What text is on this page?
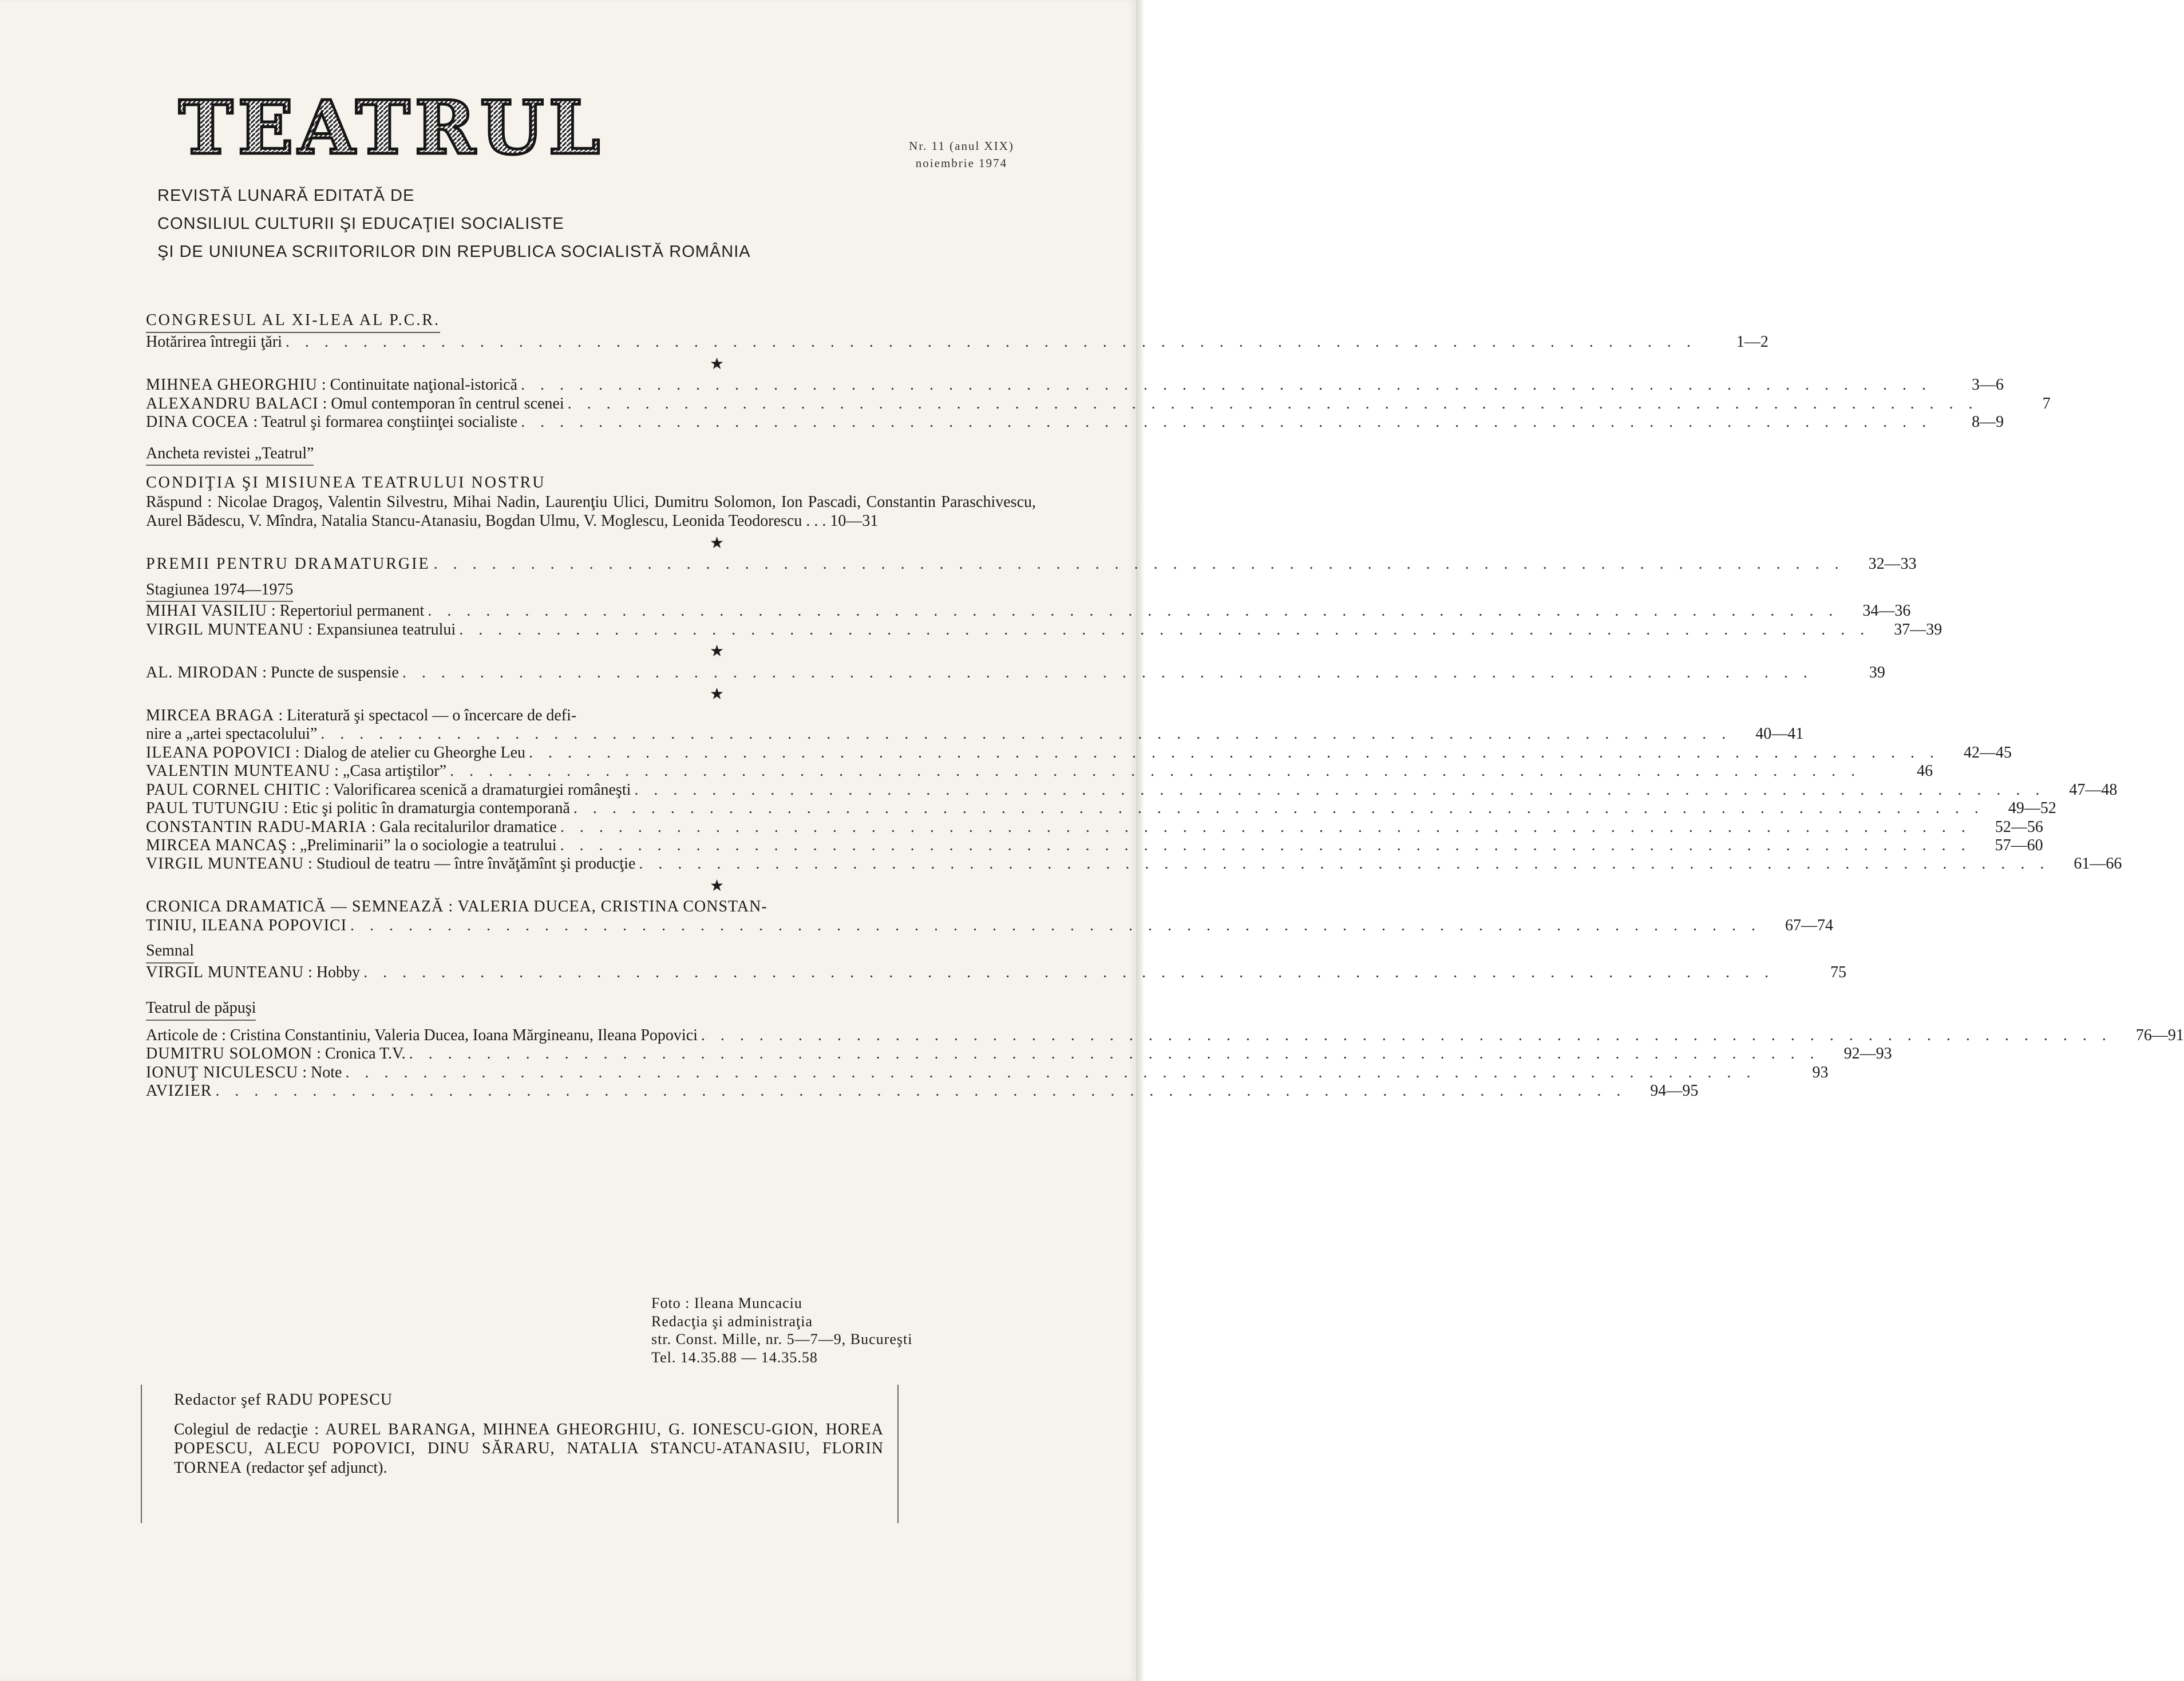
TEATRUL	Nr. 11 (anul XIX)
noiembrie 1974
REVISTĂ LUNARĂ EDITATĂ DE
CONSILIUL CULTURII ŞI EDUCAŢIEI SOCIALISTE
ŞI DE UNIUNEA SCRIITORILOR DIN REPUBLICA SOCIALISTĂ ROMÂNIA
CONGRESUL AL XI-LEA AL P.C.R.
Hotărirea întregii ţări . . .	1—2
★
MIHNEA GHEORGHIU : Continuitate naţional-istorică . . .	3—6
ALEXANDRU BALACI : Omul contemporan în centrul scenei . . .	7
DINA COCEA : Teatrul şi formarea conştiinţei socialiste . . .	8—9
Ancheta revistei „Teatrul”
CONDIŢIA ŞI MISIUNEA TEATRULUI NOSTRU
Răspund : Nicolae Dragoş, Valentin Silvestru, Mihai Nadin, Laurenţiu Ulici, Dumitru Solomon, Ion Pascadi, Constantin Paraschivescu, Aurel Bădescu, V. Mîndra, Natalia Stancu-Atanasiu, Bogdan Ulmu, V. Moglescu, Leonida Teodorescu . . . 10—31
★
PREMII PENTRU DRAMATURGIE . . .	32—33
Stagiunea 1974—1975
MIHAI VASILIU : Repertoriul permanent . . .	34—36
VIRGIL MUNTEANU : Expansiunea teatrului . . .	37—39
★
AL. MIRODAN : Puncte de suspensie . . .	39
★
MIRCEA BRAGA : Literatură şi spectacol — o încercare de defi-
nire a „artei spectacolului” . . .	40—41
ILEANA POPOVICI : Dialog de atelier cu Gheorghe Leu . . .	42—45
VALENTIN MUNTEANU : „Casa artiştilor” . . .	46
PAUL CORNEL CHITIC : Valorificarea scenică a dramaturgiei româneşti . . .	47—48
PAUL TUTUNGIU : Etic şi politic în dramaturgia contemporană . . .	49—52
CONSTANTIN RADU-MARIA : Gala recitalurilor dramatice . . .	52—56
MIRCEA MANCAŞ : „Preliminarii” la o sociologie a teatrului . . .	57—60
VIRGIL MUNTEANU : Studioul de teatru — între învăţămînt şi producţie . . .	61—66
★
CRONICA DRAMATICĂ — SEMNEAZĂ : VALERIA DUCEA, CRISTINA CONSTAN-
TINIU, ILEANA POPOVICI . . .	67—74
Semnal
VIRGIL MUNTEANU : Hobby . . .	75
Teatrul de păpuşi
Articole de : Cristina Constantiniu, Valeria Ducea, Ioana Mărgineanu, Ileana Popovici . . .	76—91
DUMITRU SOLOMON : Cronica T.V. . . .	92—93
IONUŢ NICULESCU : Note . . .	93
AVIZIER . . .	94—95
Foto : Ileana Muncaciu
Redacţia şi administraţia
str. Const. Mille, nr. 5—7—9, Bucureşti
Tel. 14.35.88 — 14.35.58
Redactor şef RADU POPESCU
Colegiul de redacţie : AUREL BARANGA, MIHNEA GHEORGHIU, G. IONESCU-GION, HOREA POPESCU, ALECU POPOVICI, DINU SĂRARU, NATALIA STANCU-ATANASIU, FLORIN TORNEA (redactor şef adjunct).
